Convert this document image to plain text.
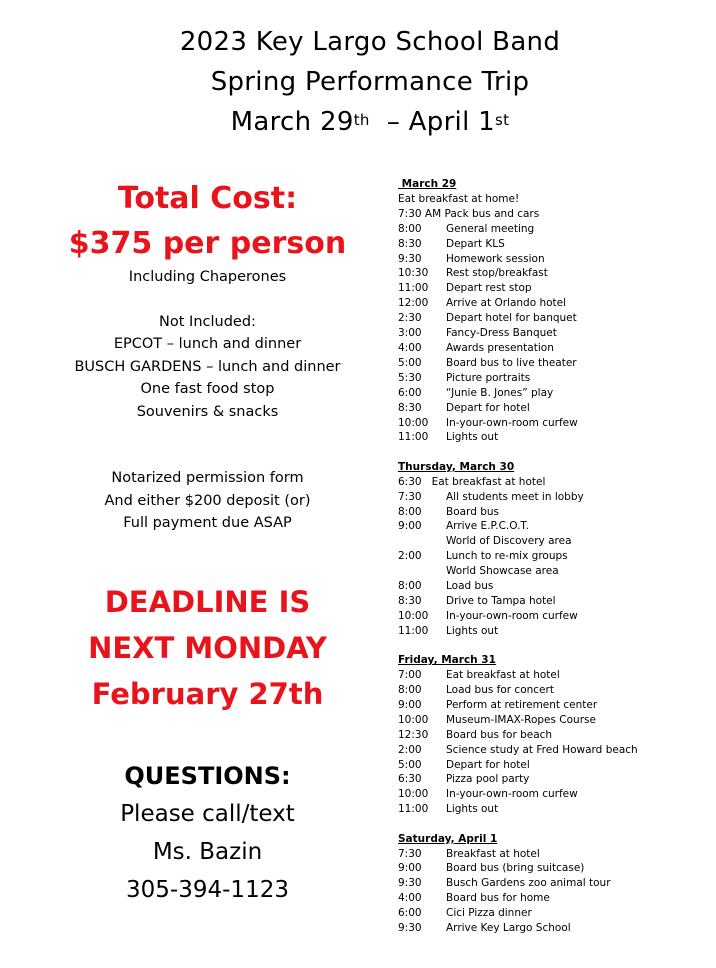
2023 Key Largo School Band
Spring Performance Trip
March 29th  – April 1st
Total Cost:
$375 per person
Including Chaperones
Not Included:
EPCOT – lunch and dinner
BUSCH GARDENS – lunch and dinner
One fast food stop
Souvenirs & snacks
Notarized permission form
And either $200 deposit (or)
Full payment due ASAP
DEADLINE IS
NEXT MONDAY
February 27th
QUESTIONS:
Please call/text
Ms. Bazin
305-394-1123
March 29
Eat breakfast at home!
7:30 AM Pack bus and cars
8:00	General meeting
8:30	Depart KLS
9:30	Homework session
10:30	Rest stop/breakfast
11:00	Depart rest stop
12:00	Arrive at Orlando hotel
2:30	Depart hotel for banquet
3:00	Fancy-Dress Banquet
4:00	Awards presentation
5:00	Board bus to live theater
5:30	Picture portraits
6:00	“Junie B. Jones” play
8:30	Depart for hotel
10:00	In-your-own-room curfew
11:00	Lights out
Thursday, March 30
6:30   Eat breakfast at hotel
7:30	All students meet in lobby
8:00	Board bus
9:00	Arrive E.P.C.O.T.
World of Discovery area
2:00	Lunch to re-mix groups
World Showcase area
8:00	Load bus
8:30	Drive to Tampa hotel
10:00	In-your-own-room curfew
11:00	Lights out
Friday, March 31
7:00	Eat breakfast at hotel
8:00	Load bus for concert
9:00	Perform at retirement center
10:00	Museum-IMAX-Ropes Course
12:30	Board bus for beach
2:00	Science study at Fred Howard beach
5:00	Depart for hotel
6:30	Pizza pool party
10:00	In-your-own-room curfew
11:00	Lights out
Saturday, April 1
7:30	Breakfast at hotel
9:00	Board bus (bring suitcase)
9:30	Busch Gardens zoo animal tour
4:00	Board bus for home
6:00	Cici Pizza dinner
9:30	Arrive Key Largo School
